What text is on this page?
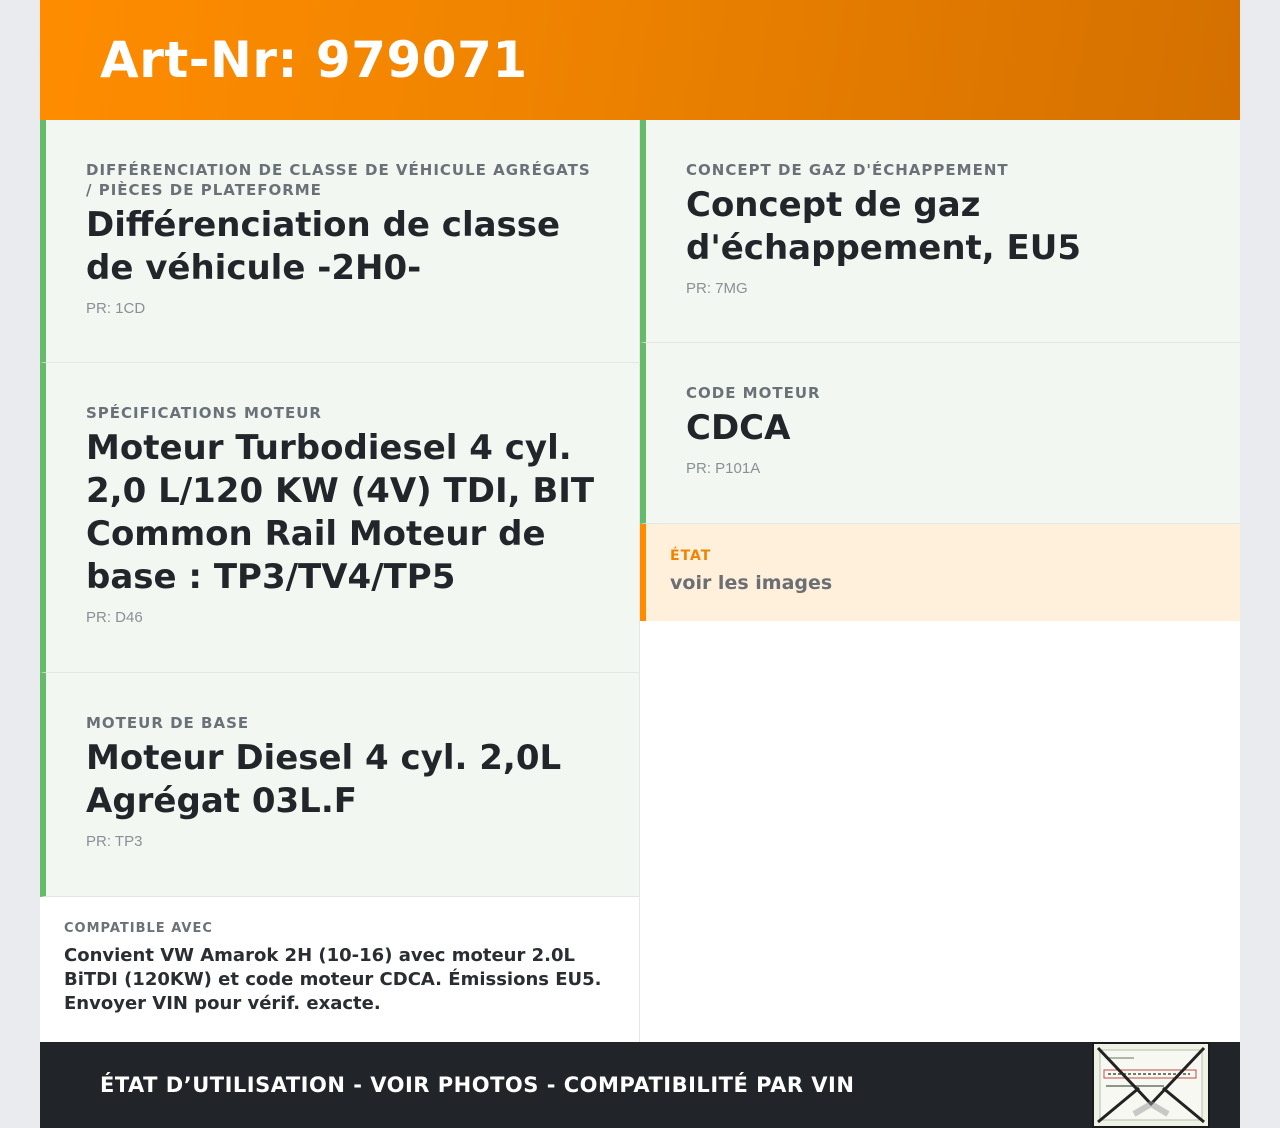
Art-Nr: 979071
DIFFÉRENCIATION DE CLASSE DE VÉHICULE AGRÉGATS / PIÈCES DE PLATEFORME
Différenciation de classe de véhicule -2H0-
PR: 1CD
SPÉCIFICATIONS MOTEUR
Moteur Turbodiesel 4 cyl. 2,0 L/120 KW (4V) TDI, BIT Common Rail Moteur de base : TP3/TV4/TP5
PR: D46
MOTEUR DE BASE
Moteur Diesel 4 cyl. 2,0L Agrégat 03L.F
PR: TP3
COMPATIBLE AVEC
Convient VW Amarok 2H (10-16) avec moteur 2.0L BiTDI (120KW) et code moteur CDCA. Émissions EU5. Envoyer VIN pour vérif. exacte.
CONCEPT DE GAZ D'ÉCHAPPEMENT
Concept de gaz d'échappement, EU5
PR: 7MG
CODE MOTEUR
CDCA
PR: P101A
ÉTAT
voir les images
ÉTAT D’UTILISATION - VOIR PHOTOS - COMPATIBILITÉ PAR VIN
